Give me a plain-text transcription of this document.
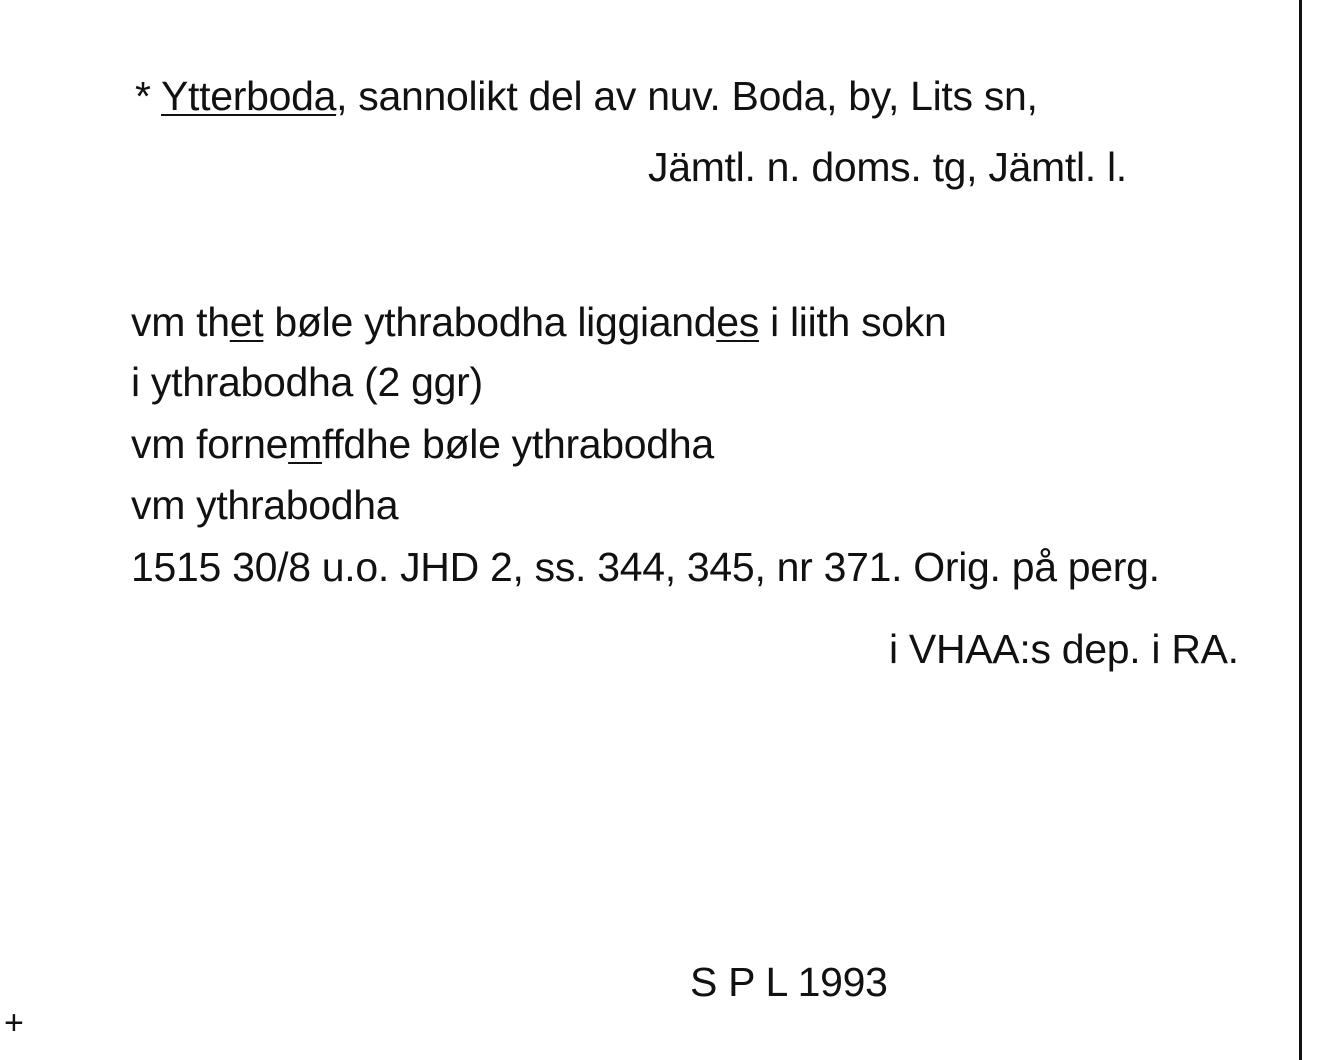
* Ytterboda, sannolikt del av nuv. Boda, by, Lits sn,
Jämtl. n. doms. tg, Jämtl. l.
vm thet bøle ythrabodha liggiandes i liith sokn
i ythrabodha (2 ggr)
vm fornemffdhe bøle ythrabodha
vm ythrabodha
1515 30/8 u.o. JHD 2, ss. 344, 345, nr 371. Orig. på perg.
i VHAA:s dep. i RA.
S P L 1993
+
